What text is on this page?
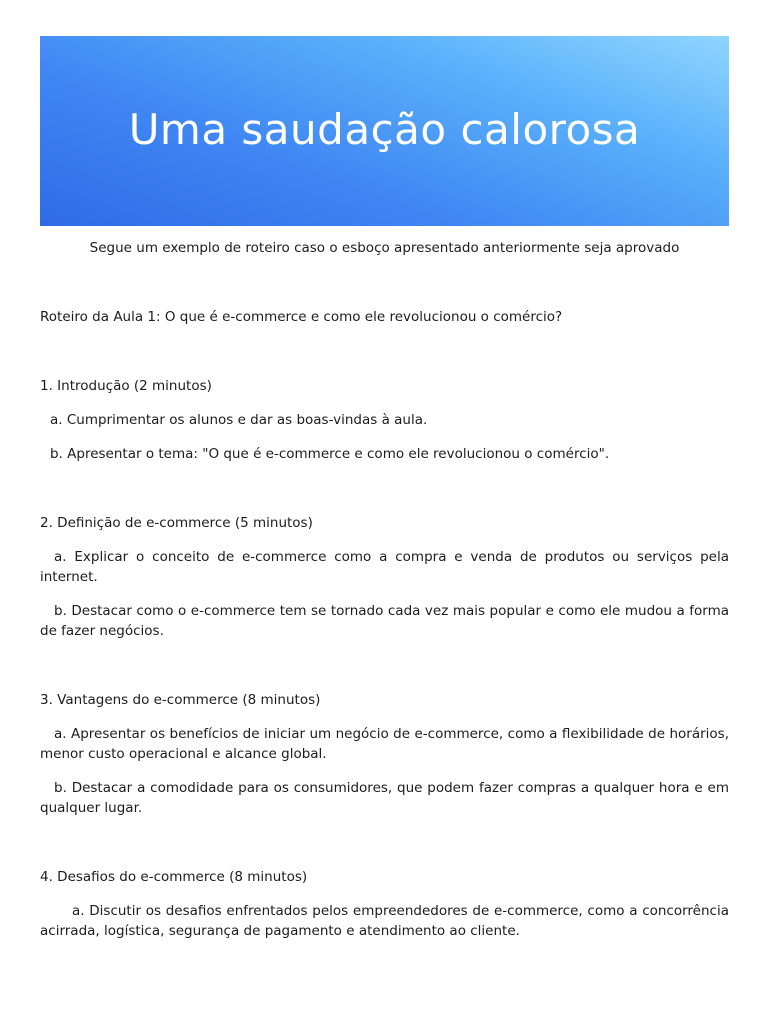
Uma saudação calorosa

Segue um exemplo de roteiro caso o esboço apresentado anteriormente seja aprovado

Roteiro da Aula 1: O que é e-commerce e como ele revolucionou o comércio?

1. Introdução (2 minutos)

a. Cumprimentar os alunos e dar as boas-vindas à aula.

b. Apresentar o tema: "O que é e-commerce e como ele revolucionou o comércio".

2. Definição de e-commerce (5 minutos)

a. Explicar o conceito de e-commerce como a compra e venda de produtos ou serviços pela internet.

b. Destacar como o e-commerce tem se tornado cada vez mais popular e como ele mudou a forma de fazer negócios.

3. Vantagens do e-commerce (8 minutos)

a. Apresentar os benefícios de iniciar um negócio de e-commerce, como a flexibilidade de horários, menor custo operacional e alcance global.

b. Destacar a comodidade para os consumidores, que podem fazer compras a qualquer hora e em qualquer lugar.

4. Desafios do e-commerce (8 minutos)

a. Discutir os desafios enfrentados pelos empreendedores de e-commerce, como a concorrência acirrada, logística, segurança de pagamento e atendimento ao cliente.
